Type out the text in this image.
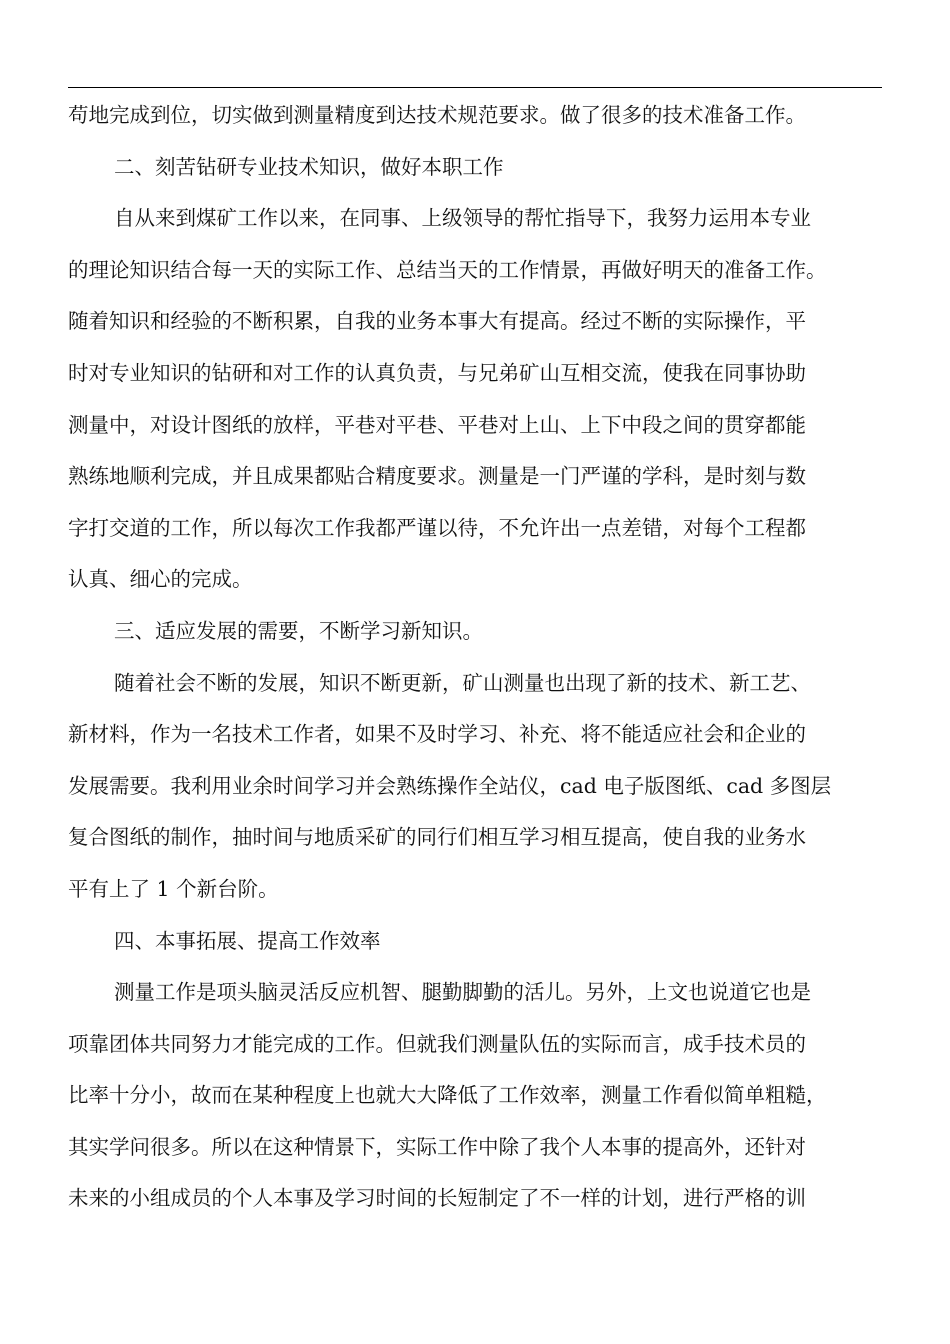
苟地完成到位，切实做到测量精度到达技术规范要求。做了很多的技术准备工作。
二、刻苦钻研专业技术知识，做好本职工作
自从来到煤矿工作以来，在同事、上级领导的帮忙指导下，我努力运用本专业
的理论知识结合每一天的实际工作、总结当天的工作情景，再做好明天的准备工作。
随着知识和经验的不断积累，自我的业务本事大有提高。经过不断的实际操作，平
时对专业知识的钻研和对工作的认真负责，与兄弟矿山互相交流，使我在同事协助
测量中，对设计图纸的放样，平巷对平巷、平巷对上山、上下中段之间的贯穿都能
熟练地顺利完成，并且成果都贴合精度要求。测量是一门严谨的学科，是时刻与数
字打交道的工作，所以每次工作我都严谨以待，不允许出一点差错，对每个工程都
认真、细心的完成。
三、适应发展的需要，不断学习新知识。
随着社会不断的发展，知识不断更新，矿山测量也出现了新的技术、新工艺、
新材料，作为一名技术工作者，如果不及时学习、补充、将不能适应社会和企业的
发展需要。我利用业余时间学习并会熟练操作全站仪，cad 电子版图纸、cad 多图层
复合图纸的制作，抽时间与地质采矿的同行们相互学习相互提高，使自我的业务水
平有上了 1 个新台阶。
四、本事拓展、提高工作效率
测量工作是项头脑灵活反应机智、腿勤脚勤的活儿。另外，上文也说道它也是
项靠团体共同努力才能完成的工作。但就我们测量队伍的实际而言，成手技术员的
比率十分小，故而在某种程度上也就大大降低了工作效率，测量工作看似简单粗糙，
其实学问很多。所以在这种情景下，实际工作中除了我个人本事的提高外，还针对
未来的小组成员的个人本事及学习时间的长短制定了不一样的计划，进行严格的训
